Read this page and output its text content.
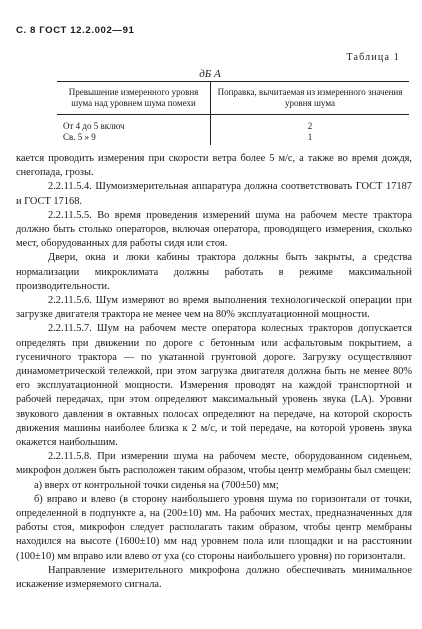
С. 8 ГОСТ 12.2.002—91
Таблица 1
дБ А
Превышение измеренного уровня шума над уровнем шума помехи	Поправка, вычитаемая из измеренного значения уровня шума
От 4 до 5 включ	2
Св. 5 » 9	1

кается проводить измерения при скорости ветра более 5 м/с, а также во время дождя, снегопада, грозы.

2.2.11.5.4. Шумоизмерительная аппаратура должна соответствовать ГОСТ 17187 и ГОСТ 17168.

2.2.11.5.5. Во время проведения измерений шума на рабочем месте трактора должно быть столько операторов, включая оператора, проводящего измерения, сколько мест, оборудованных для работы сидя или стоя.

Двери, окна и люки кабины трактора должны быть закрыты, а средства нормализации микроклимата должны работать в режиме максимальной производительности.

2.2.11.5.6. Шум измеряют во время выполнения технологической операции при загрузке двигателя трактора не менее чем на 80% эксплуатационной мощности.

2.2.11.5.7. Шум на рабочем месте оператора колесных тракторов допускается определять при движении по дороге с бетонным или асфальтовым покрытием, а гусеничного трактора — по укатанной грунтовой дороге. Загрузку осуществляют динамометрической тележкой, при этом загрузка двигателя должна быть не менее 80% его эксплуатационной мощности. Измерения проводят на каждой транспортной и рабочей передачах, при этом определяют максимальный уровень звука (LA). Уровни звукового давления в октавных полосах определяют на передаче, на которой скорость движения машины наиболее близка к 2 м/с, и той передаче, на которой уровень звука окажется наибольшим.

2.2.11.5.8. При измерении шума на рабочем месте, оборудованном сиденьем, микрофон должен быть расположен таким образом, чтобы центр мембраны был смещен:

а) вверх от контрольной точки сиденья на (700±50) мм;

б) вправо и влево (в сторону наибольшего уровня шума по горизонтали от точки, определенной в подпункте а, на (200±10) мм. На рабочих местах, предназначенных для работы стоя, микрофон следует располагать таким образом, чтобы центр мембраны находился на высоте (1600±10) мм над уровнем пола или площадки и на расстоянии (100±10) мм вправо или влево от уха (со стороны наибольшего уровня) по горизонтали.

Направление измерительного микрофона должно обеспечивать минимальное искажение измеряемого сигнала.
